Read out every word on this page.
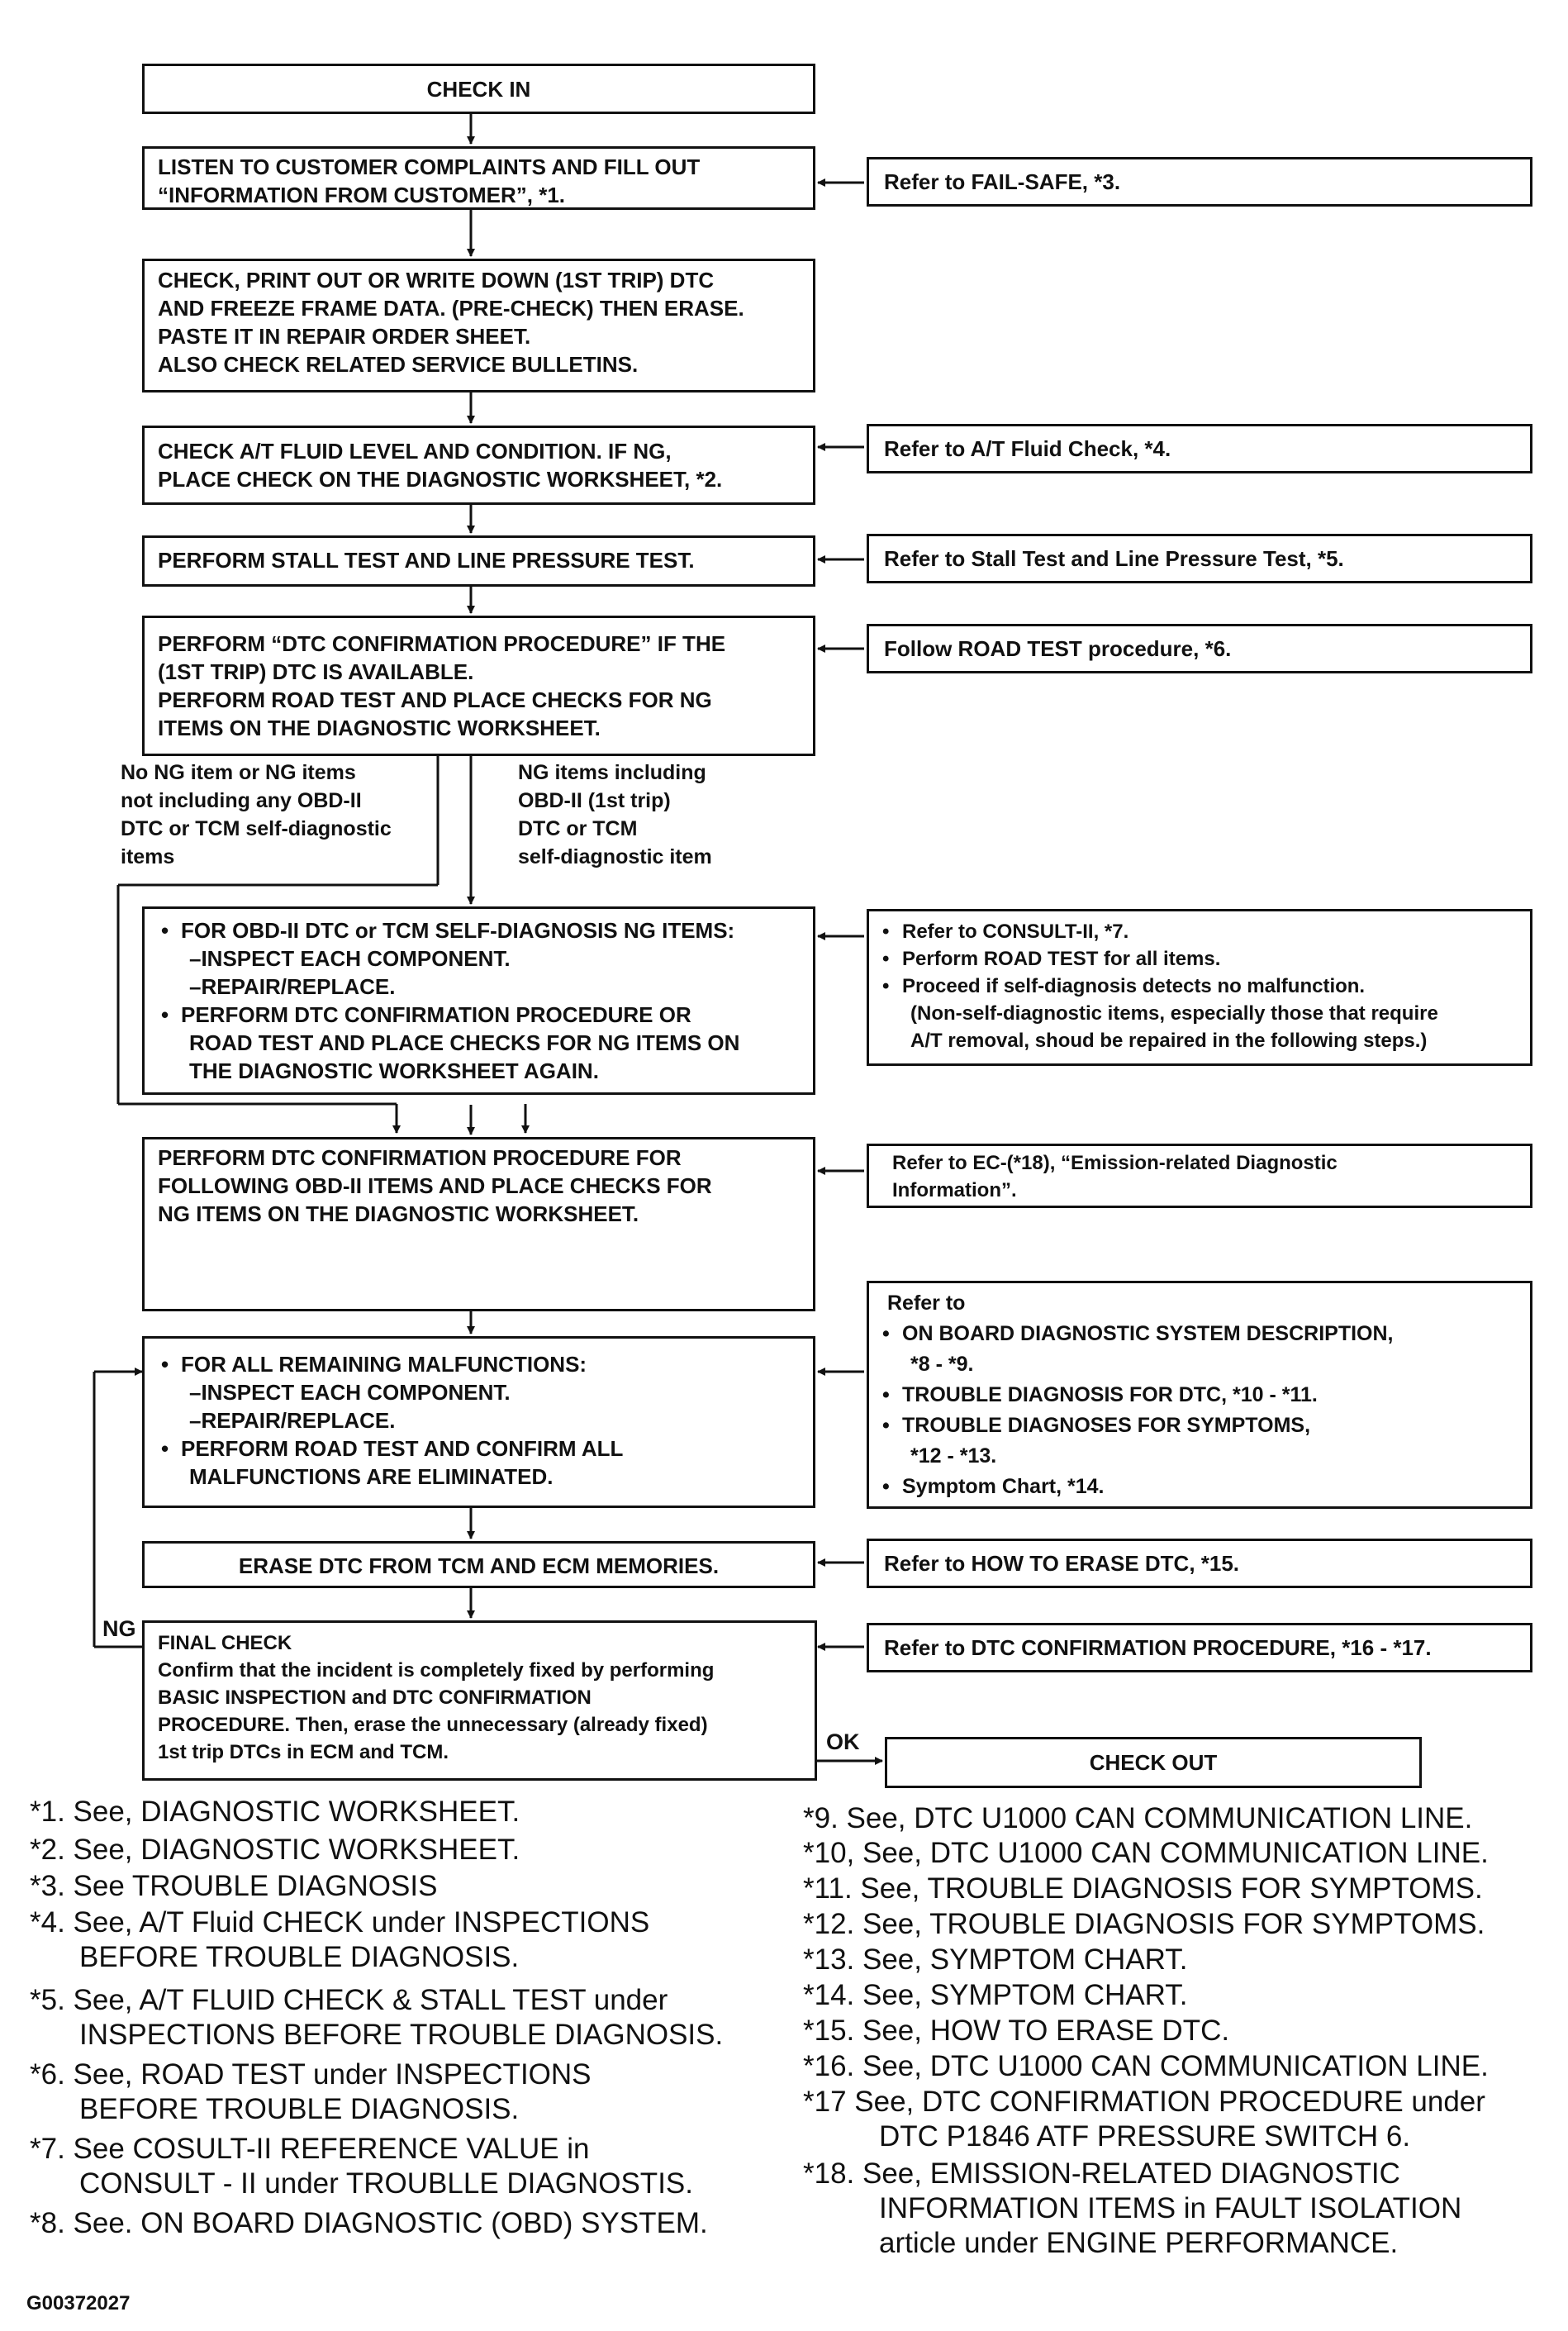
CHECK IN
LISTEN TO CUSTOMER COMPLAINTS AND FILL OUT
“INFORMATION FROM CUSTOMER”, *1.
CHECK, PRINT OUT OR WRITE DOWN (1ST TRIP) DTC
AND FREEZE FRAME DATA. (PRE-CHECK) THEN ERASE.
PASTE IT IN REPAIR ORDER SHEET.
ALSO CHECK RELATED SERVICE BULLETINS.
CHECK A/T FLUID LEVEL AND CONDITION. IF NG,
PLACE CHECK ON THE DIAGNOSTIC WORKSHEET, *2.
PERFORM STALL TEST AND LINE PRESSURE TEST.
PERFORM “DTC CONFIRMATION PROCEDURE” IF THE
(1ST TRIP) DTC IS AVAILABLE.
PERFORM ROAD TEST AND PLACE CHECKS FOR NG
ITEMS ON THE DIAGNOSTIC WORKSHEET.
No NG item or NG items
not including any OBD-II
DTC or TCM self-diagnostic
items
NG items including
OBD-II (1st trip)
DTC or TCM
self-diagnostic item
• FOR OBD-II DTC or TCM SELF-DIAGNOSIS NG ITEMS:
–INSPECT EACH COMPONENT.
–REPAIR/REPLACE.
• PERFORM DTC CONFIRMATION PROCEDURE OR
ROAD TEST AND PLACE CHECKS FOR NG ITEMS ON
THE DIAGNOSTIC WORKSHEET AGAIN.
PERFORM DTC CONFIRMATION PROCEDURE FOR
FOLLOWING OBD-II ITEMS AND PLACE CHECKS FOR
NG ITEMS ON THE DIAGNOSTIC WORKSHEET.
• FOR ALL REMAINING MALFUNCTIONS:
–INSPECT EACH COMPONENT.
–REPAIR/REPLACE.
• PERFORM ROAD TEST AND CONFIRM ALL
MALFUNCTIONS ARE ELIMINATED.
ERASE DTC FROM TCM AND ECM MEMORIES.
FINAL CHECK
Confirm that the incident is completely fixed by performing
BASIC INSPECTION and DTC CONFIRMATION
PROCEDURE. Then, erase the unnecessary (already fixed)
1st trip DTCs in ECM and TCM.
NG
OK
CHECK OUT
Refer to FAIL-SAFE, *3.
Refer to A/T Fluid Check, *4.
Refer to Stall Test and Line Pressure Test, *5.
Follow ROAD TEST procedure, *6.
• Refer to CONSULT-II, *7.
• Perform ROAD TEST for all items.
• Proceed if self-diagnosis detects no malfunction.
(Non-self-diagnostic items, especially those that require
A/T removal, shoud be repaired in the following steps.)
Refer to EC-(*18), “Emission-related Diagnostic
Information”.
Refer to
• ON BOARD DIAGNOSTIC SYSTEM DESCRIPTION,
*8 - *9.
• TROUBLE DIAGNOSIS FOR DTC, *10 - *11.
• TROUBLE DIAGNOSES FOR SYMPTOMS,
*12 - *13.
• Symptom Chart, *14.
Refer to HOW TO ERASE DTC, *15.
Refer to DTC CONFIRMATION PROCEDURE, *16 - *17.
*1. See, DIAGNOSTIC WORKSHEET.
*2. See, DIAGNOSTIC WORKSHEET.
*3. See TROUBLE DIAGNOSIS
*4. See, A/T Fluid CHECK under INSPECTIONS
BEFORE TROUBLE DIAGNOSIS.
*5. See, A/T FLUID CHECK & STALL TEST under
INSPECTIONS BEFORE TROUBLE DIAGNOSIS.
*6. See, ROAD TEST under INSPECTIONS
BEFORE TROUBLE DIAGNOSIS.
*7. See COSULT-II REFERENCE VALUE in
CONSULT - II under TROUBLLE DIAGNOSTIS.
*8. See. ON BOARD DIAGNOSTIC (OBD) SYSTEM.
*9. See, DTC U1000 CAN COMMUNICATION LINE.
*10, See, DTC U1000 CAN COMMUNICATION LINE.
*11. See, TROUBLE DIAGNOSIS FOR SYMPTOMS.
*12. See, TROUBLE DIAGNOSIS FOR SYMPTOMS.
*13. See, SYMPTOM CHART.
*14. See, SYMPTOM CHART.
*15. See, HOW TO ERASE DTC.
*16. See, DTC U1000 CAN COMMUNICATION LINE.
*17 See, DTC CONFIRMATION PROCEDURE under
DTC P1846 ATF PRESSURE SWITCH 6.
*18. See, EMISSION-RELATED DIAGNOSTIC
INFORMATION ITEMS in FAULT ISOLATION
article under ENGINE PERFORMANCE.
G00372027
